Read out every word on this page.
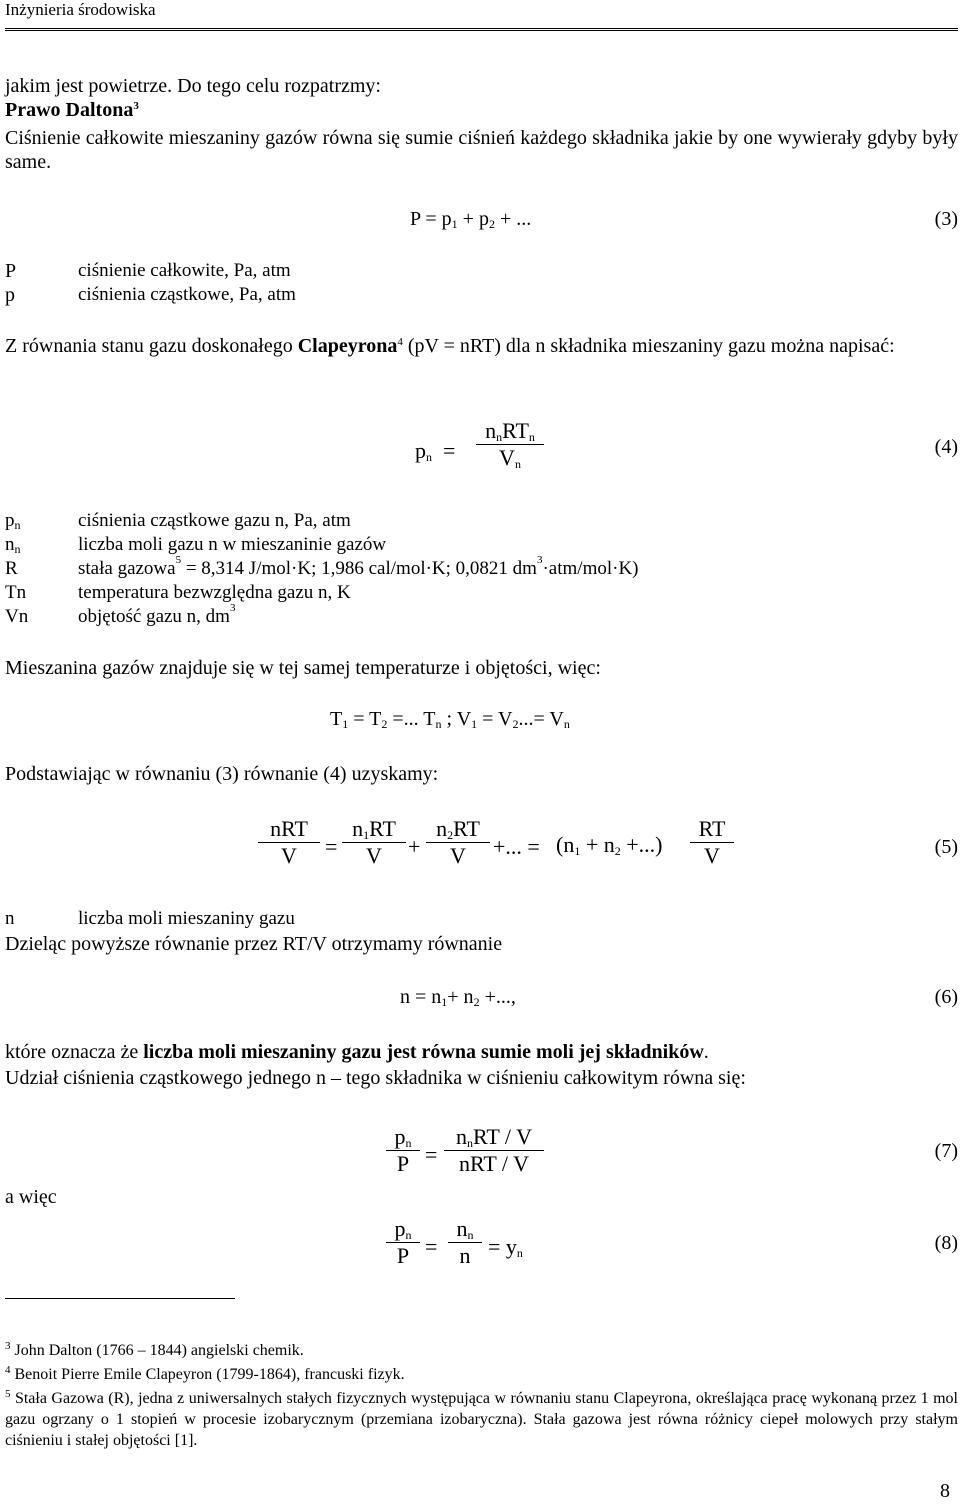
Inżynieria środowiska
jakim jest powietrze. Do tego celu rozpatrzmy:
Prawo Daltona$^3$
Ciśnienie całkowite mieszaniny gazów równa się sumie ciśnień każdego składnika jakie by one wywierały gdyby były same.
$P = p_1 + p_2$ + ...	(3)
P	ciśnienie całkowite, Pa, atm
p	ciśnienia cząstkowe, Pa, atm
Z równania stanu gazu doskonałego Clapeyrona$^4$ (pV = nRT) dla n składnika mieszaniny gazu można napisać:
$p_n$  =
$n_nRT_n$
$V_n$
(4)
$p_n$	ciśnienia cząstkowe gazu n, Pa, atm
$n_n$	liczba moli gazu n w mieszaninie gazów
R	stała gazowa$^5$ = 8,314 J/mol·K; 1,986 cal/mol·K; 0,0821 $dm^3\cdot atm/mol\cdot K$)
Tn	temperatura bezwzględna gazu n, K
Vn	objętość gazu n, $dm^3$
Mieszanina gazów znajduje się w tej samej temperaturze i objętości, więc:
$T_1 = T_2$ =... $T_n$ ; $V_1 = V_2...= V_n$
Podstawiając w równaniu (3) równanie (4) uzyskamy:
nRT
V	= $\frac{n_1RT}{V} + \frac{n_2RT}{V}$ +... = ($n_1 + n_2$ +...) $\frac{RT}{V}$	(5)
n	liczba moli mieszaniny gazu
Dzieląc powyższe równanie przez RT/V otrzymamy równanie
$n = n_1+ n_2$ +...,	(6)
które oznacza że liczba moli mieszaniny gazu jest równa sumie moli jej składników.
Udział ciśnienia cząstkowego jednego n – tego składnika w ciśnieniu całkowitym równa się:
$\frac{p_n}{P}$ =
$n_nRT$ / V
nRT / V	(7)
a więc
$\frac{p_n}{P} = \frac{n_n}{n} = y_n$	(8)
$^3$ John Dalton (1766 – 1844) angielski chemik.
$^4$ Benoit Pierre Emile Clapeyron (1799-1864), francuski fizyk.
$^5$ Stała Gazowa (R), jedna z uniwersalnych stałych fizycznych występująca w równaniu stanu Clapeyrona, określająca pracę wykonaną przez 1 mol gazu ogrzany o 1 stopień w procesie izobarycznym (przemiana izobaryczna). Stała gazowa jest równa różnicy ciepeł molowych przy stałym ciśnieniu i stałej objętości [1].
8
